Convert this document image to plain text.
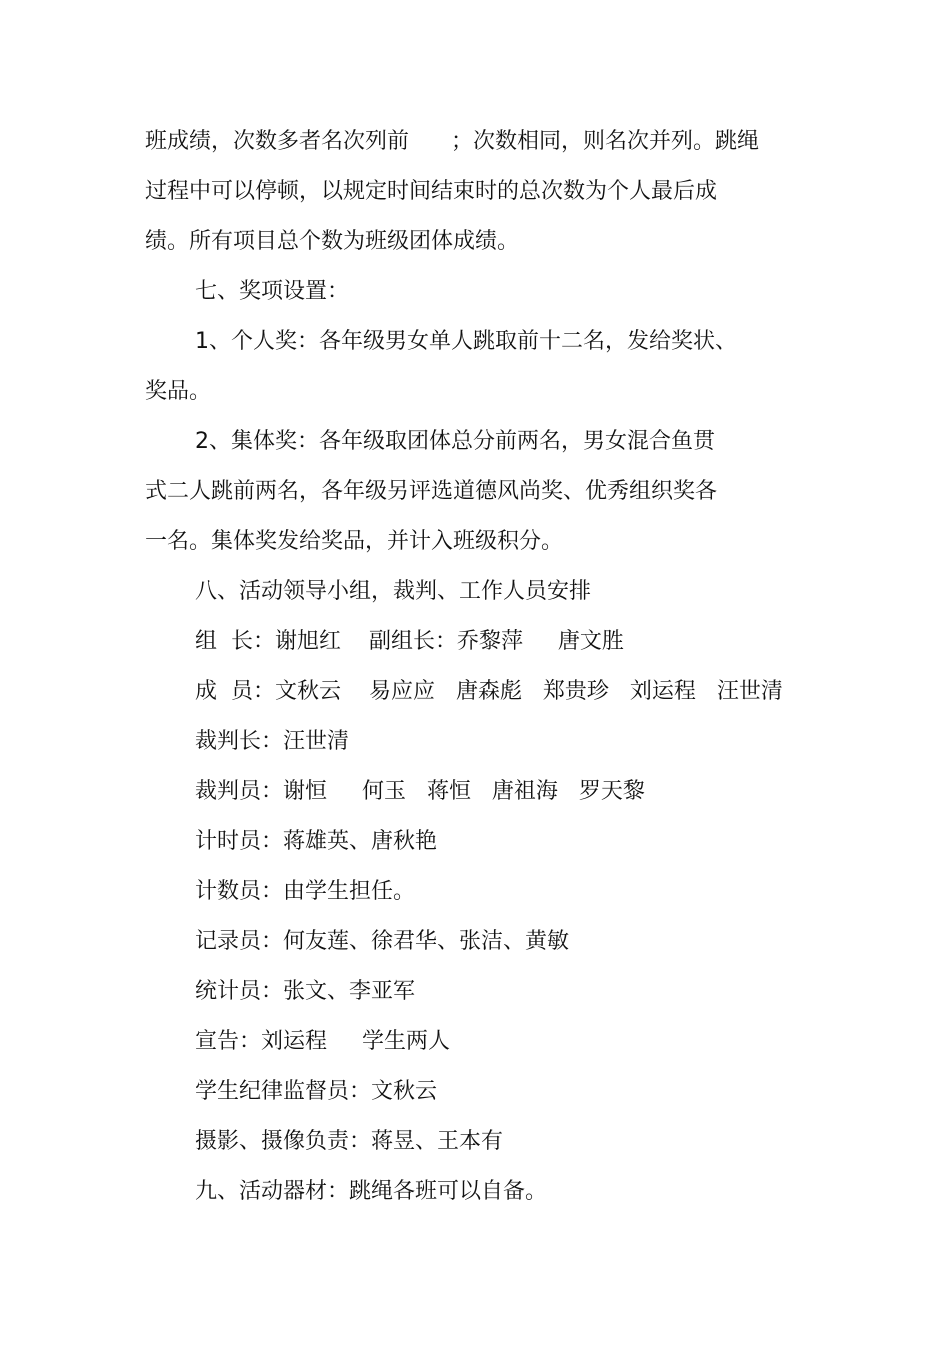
班成绩，次数多者名次列前      ；次数相同，则名次并列。跳绳
过程中可以停顿，以规定时间结束时的总次数为个人最后成
绩。所有项目总个数为班级团体成绩。
七、奖项设置：
1、个人奖：各年级男女单人跳取前十二名，发给奖状、
奖品。
2、集体奖：各年级取团体总分前两名，男女混合鱼贯
式二人跳前两名，各年级另评选道德风尚奖、优秀组织奖各
一名。集体奖发给奖品，并计入班级积分。
八、活动领导小组，裁判、工作人员安排
组  长：谢旭红    副组长：乔黎萍     唐文胜
成  员：文秋云    易应应   唐森彪   郑贵珍   刘运程   汪世清
裁判长：汪世清
裁判员：谢恒     何玉   蒋恒   唐祖海   罗天黎
计时员：蒋雄英、唐秋艳
计数员：由学生担任。
记录员：何友莲、徐君华、张洁、黄敏
统计员：张文、李亚军
宣告：刘运程     学生两人
学生纪律监督员：文秋云
摄影、摄像负责：蒋昱、王本有
九、活动器材：跳绳各班可以自备。
